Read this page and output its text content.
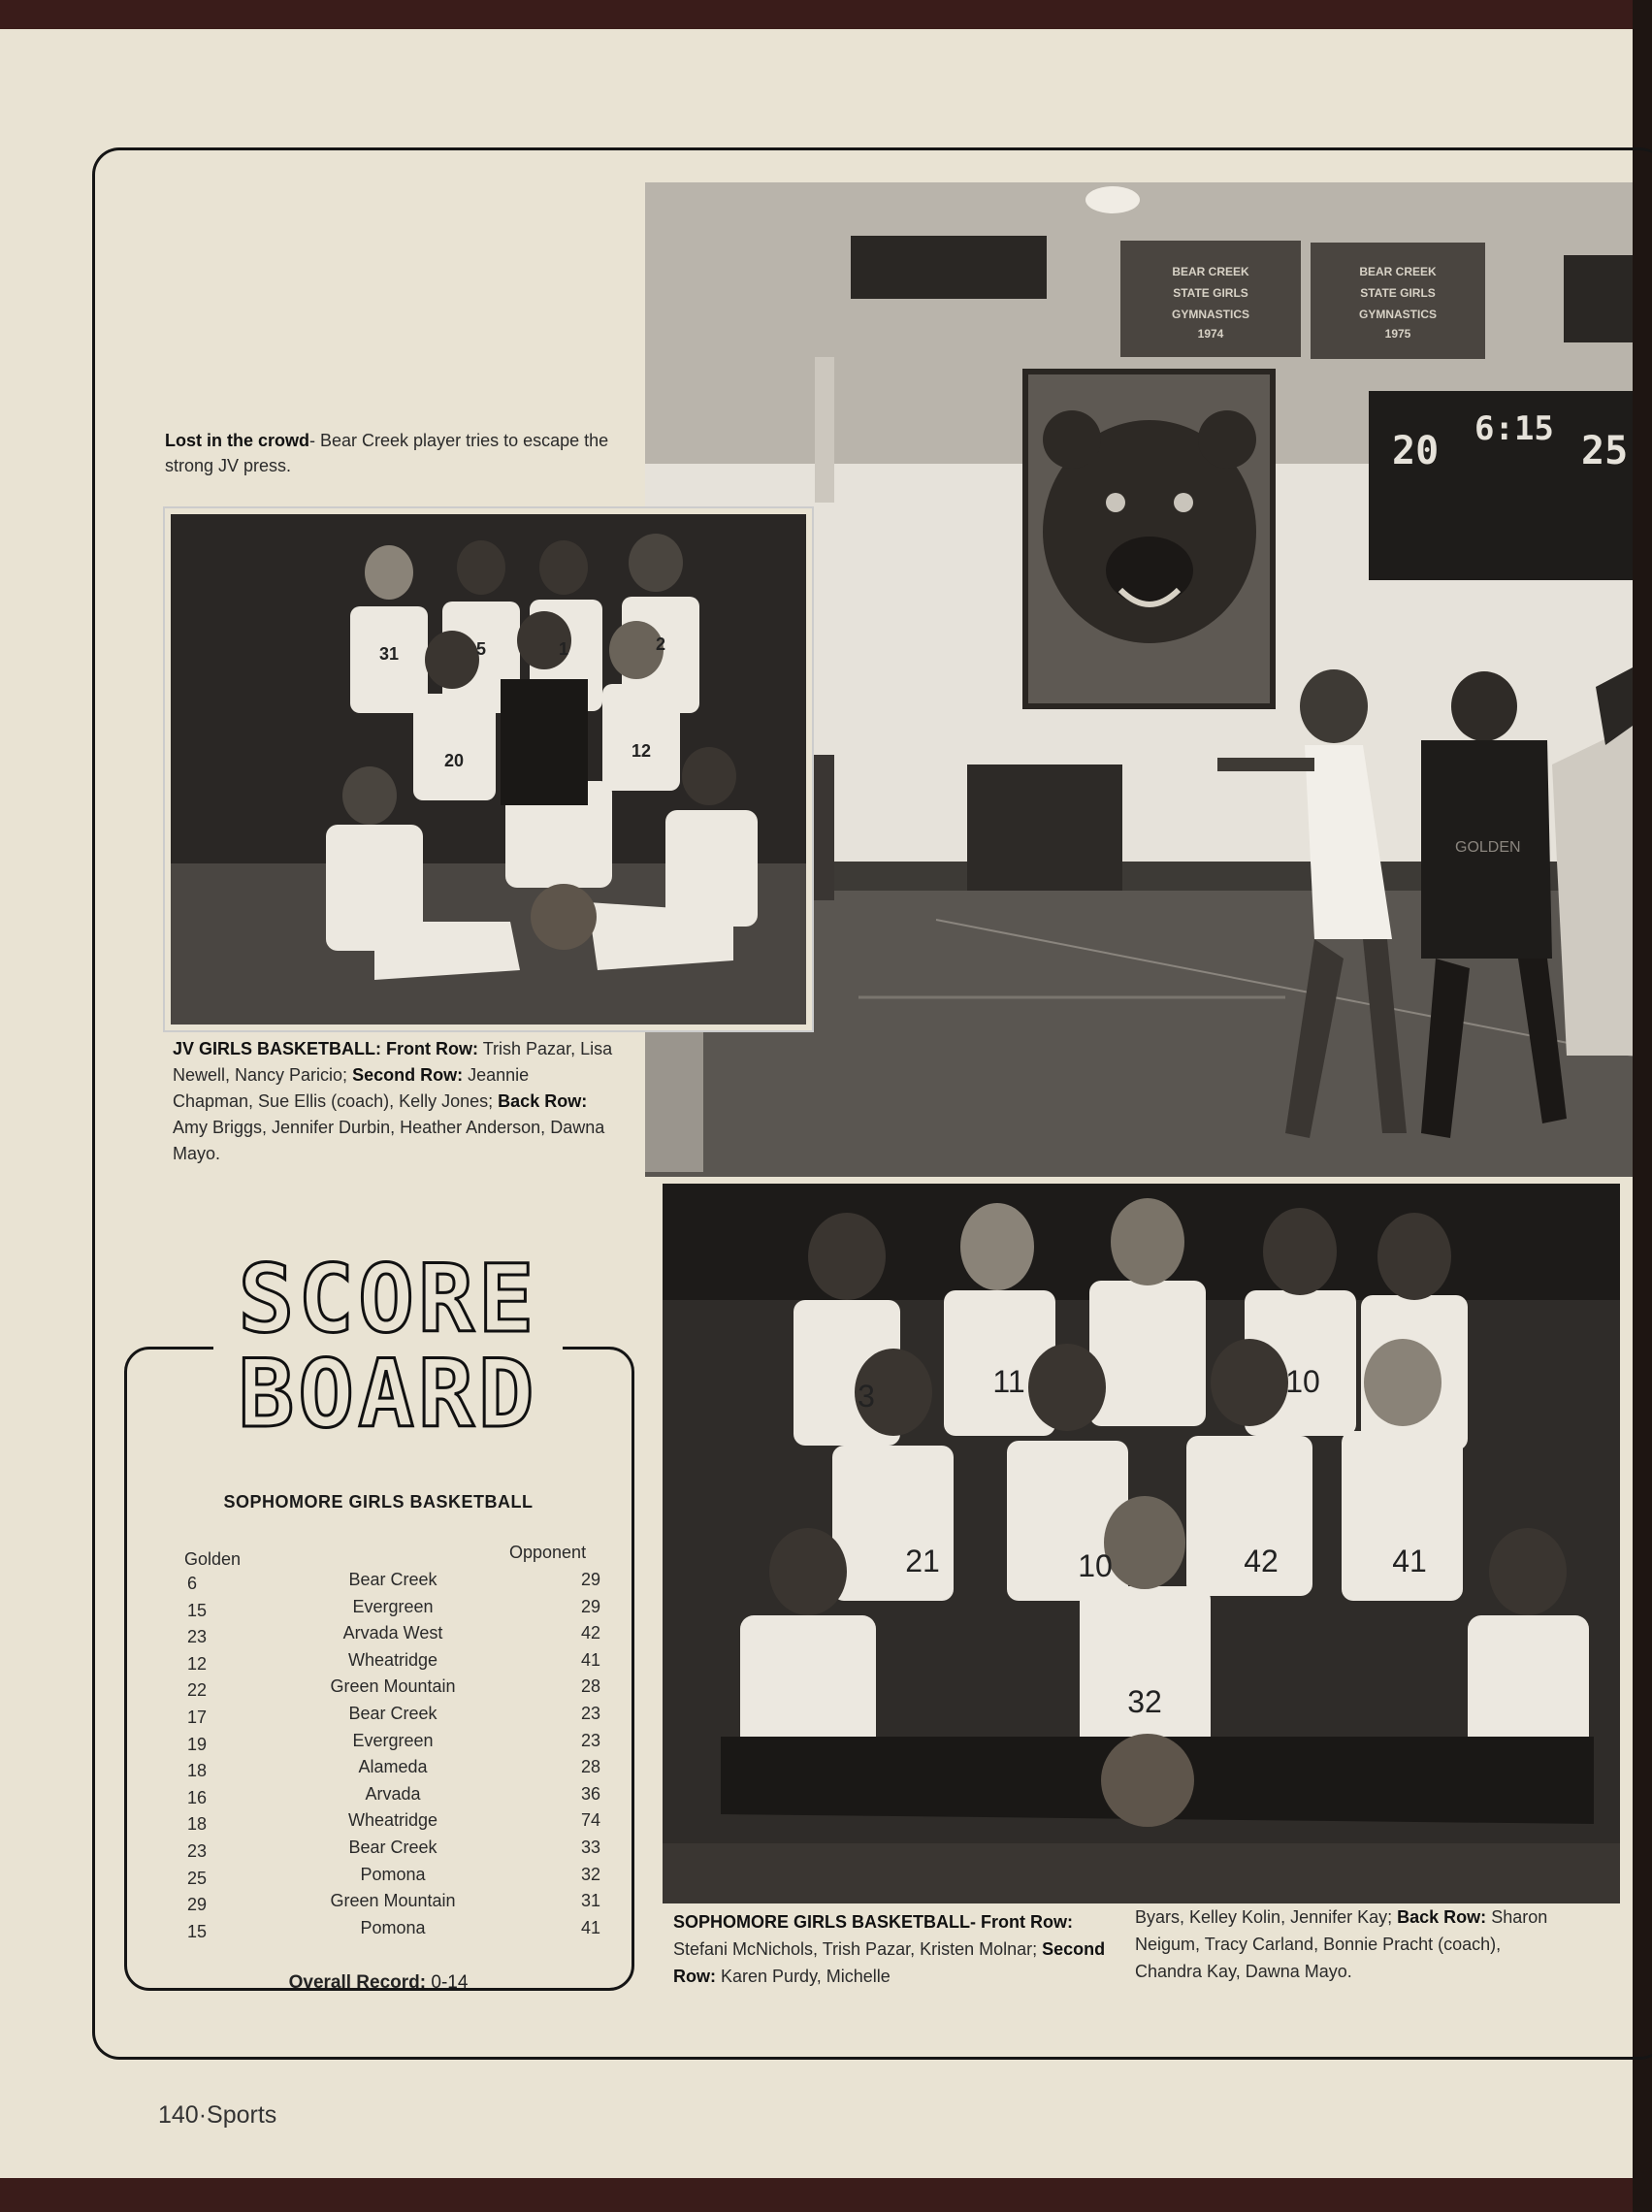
BEAR CREEK
STATE GIRLS
GYMNASTICS
1974
BEAR CREEK
STATE GIRLS
GYMNASTICS
1975
20 6:15 25
GOLDEN
31	5	1	2
20	12
3	11	10
21	10	42	41
32
Lost in the crowd- Bear Creek player tries to escape the strong JV press.
JV GIRLS BASKETBALL: Front Row: Trish Pazar, Lisa Newell, Nancy Paricio; Second Row: Jeannie Chapman, Sue Ellis (coach), Kelly Jones; Back Row: Amy Briggs, Jennifer Durbin, Heather Anderson, Dawna Mayo.
SOPHOMORE GIRLS BASKETBALL- Front Row: Stefani McNichols, Trish Pazar, Kristen Molnar; Second Row: Karen Purdy, Michelle
Byars, Kelley Kolin, Jennifer Kay; Back Row: Sharon Neigum, Tracy Carland, Bonnie Pracht (coach), Chandra Kay, Dawna Mayo.
SCORE
BOARD
SOPHOMORE GIRLS BASKETBALL
Golden	Opponent
6	Bear Creek	29
15	Evergreen	29
23	Arvada West	42
12	Wheatridge	41
22	Green Mountain	28
17	Bear Creek	23
19	Evergreen	23
18	Alameda	28
16	Arvada	36
18	Wheatridge	74
23	Bear Creek	33
25	Pomona	32
29	Green Mountain	31
15	Pomona	41
Overall Record: 0-14
140·Sports
